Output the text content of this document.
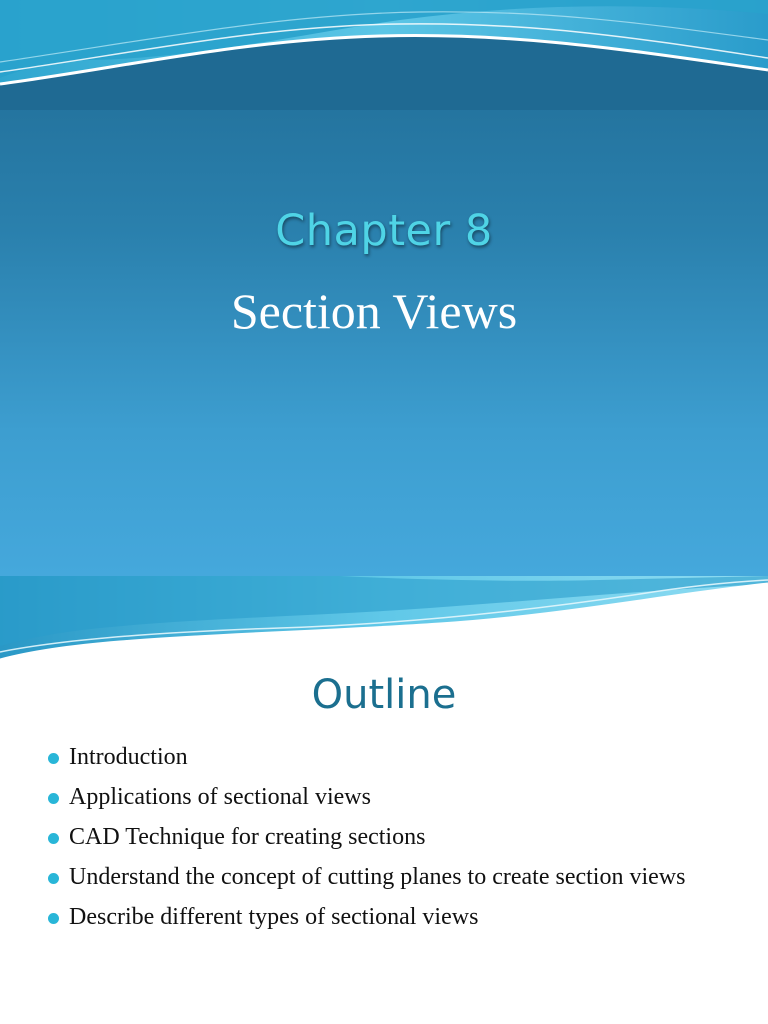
Chapter 8
Section Views
Outline
Introduction
Applications of sectional views
CAD Technique for creating sections
Understand the concept of cutting planes to create section views
Describe different types of sectional views
